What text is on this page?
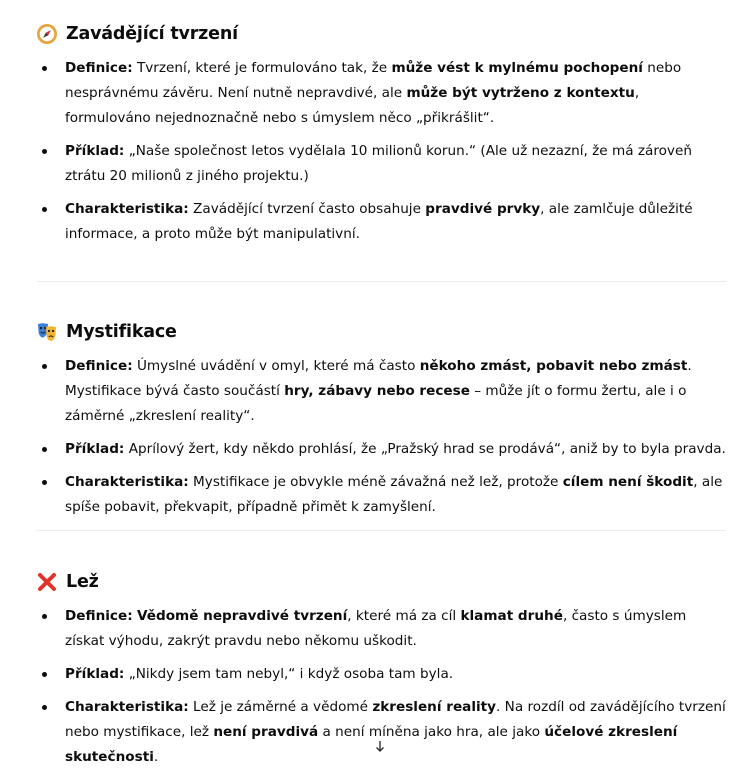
Zavádějící tvrzení
Definice: Tvrzení, které je formulováno tak, že může vést k mylnému pochopení nebo nesprávnému závěru. Není nutně nepravdivé, ale může být vytrženo z kontextu, formulováno nejednoznačně nebo s úmyslem něco „přikrášlit“.
Příklad: „Naše společnost letos vydělala 10 milionů korun.“ (Ale už nezazní, že má zároveň ztrátu 20 milionů z jiného projektu.)
Charakteristika: Zavádějící tvrzení často obsahuje pravdivé prvky, ale zamlčuje důležité informace, a proto může být manipulativní.
Mystifikace
Definice: Úmyslné uvádění v omyl, které má často někoho zmást, pobavit nebo zmást. Mystifikace bývá často součástí hry, zábavy nebo recese – může jít o formu žertu, ale i o záměrné „zkreslení reality“.
Příklad: Aprílový žert, kdy někdo prohlásí, že „Pražský hrad se prodává“, aniž by to byla pravda.
Charakteristika: Mystifikace je obvykle méně závažná než lež, protože cílem není škodit, ale spíše pobavit, překvapit, případně přimět k zamyšlení.
Lež
Definice: Vědomě nepravdivé tvrzení, které má za cíl klamat druhé, často s úmyslem získat výhodu, zakrýt pravdu nebo někomu uškodit.
Příklad: „Nikdy jsem tam nebyl,“ i když osoba tam byla.
Charakteristika: Lež je záměrné a vědomé zkreslení reality. Na rozdíl od zavádějícího tvrzení nebo mystifikace, lež není pravdivá a není míněna jako hra, ale jako účelové zkreslení skutečnosti.
